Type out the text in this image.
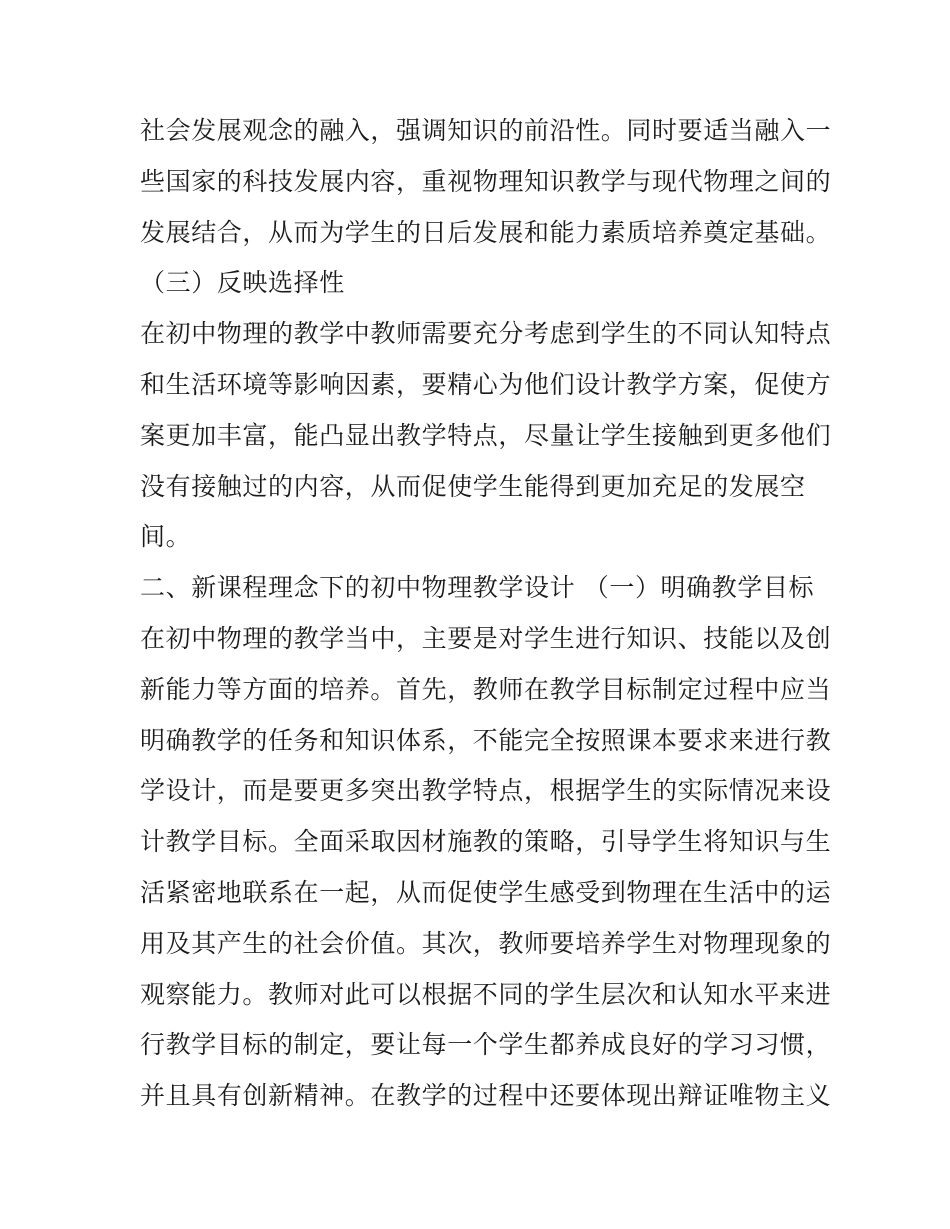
社会发展观念的融入，强调知识的前沿性。同时要适当融入一
些国家的科技发展内容，重视物理知识教学与现代物理之间的
发展结合，从而为学生的日后发展和能力素质培养奠定基础。
（三）反映选择性
在初中物理的教学中教师需要充分考虑到学生的不同认知特点
和生活环境等影响因素，要精心为他们设计教学方案，促使方
案更加丰富，能凸显出教学特点，尽量让学生接触到更多他们
没有接触过的内容，从而促使学生能得到更加充足的发展空
间。
二、新课程理念下的初中物理教学设计 （一）明确教学目标
在初中物理的教学当中，主要是对学生进行知识、技能以及创
新能力等方面的培养。首先，教师在教学目标制定过程中应当
明确教学的任务和知识体系，不能完全按照课本要求来进行教
学设计，而是要更多突出教学特点，根据学生的实际情况来设
计教学目标。全面采取因材施教的策略，引导学生将知识与生
活紧密地联系在一起，从而促使学生感受到物理在生活中的运
用及其产生的社会价值。其次，教师要培养学生对物理现象的
观察能力。教师对此可以根据不同的学生层次和认知水平来进
行教学目标的制定，要让每一个学生都养成良好的学习习惯，
并且具有创新精神。在教学的过程中还要体现出辩证唯物主义
